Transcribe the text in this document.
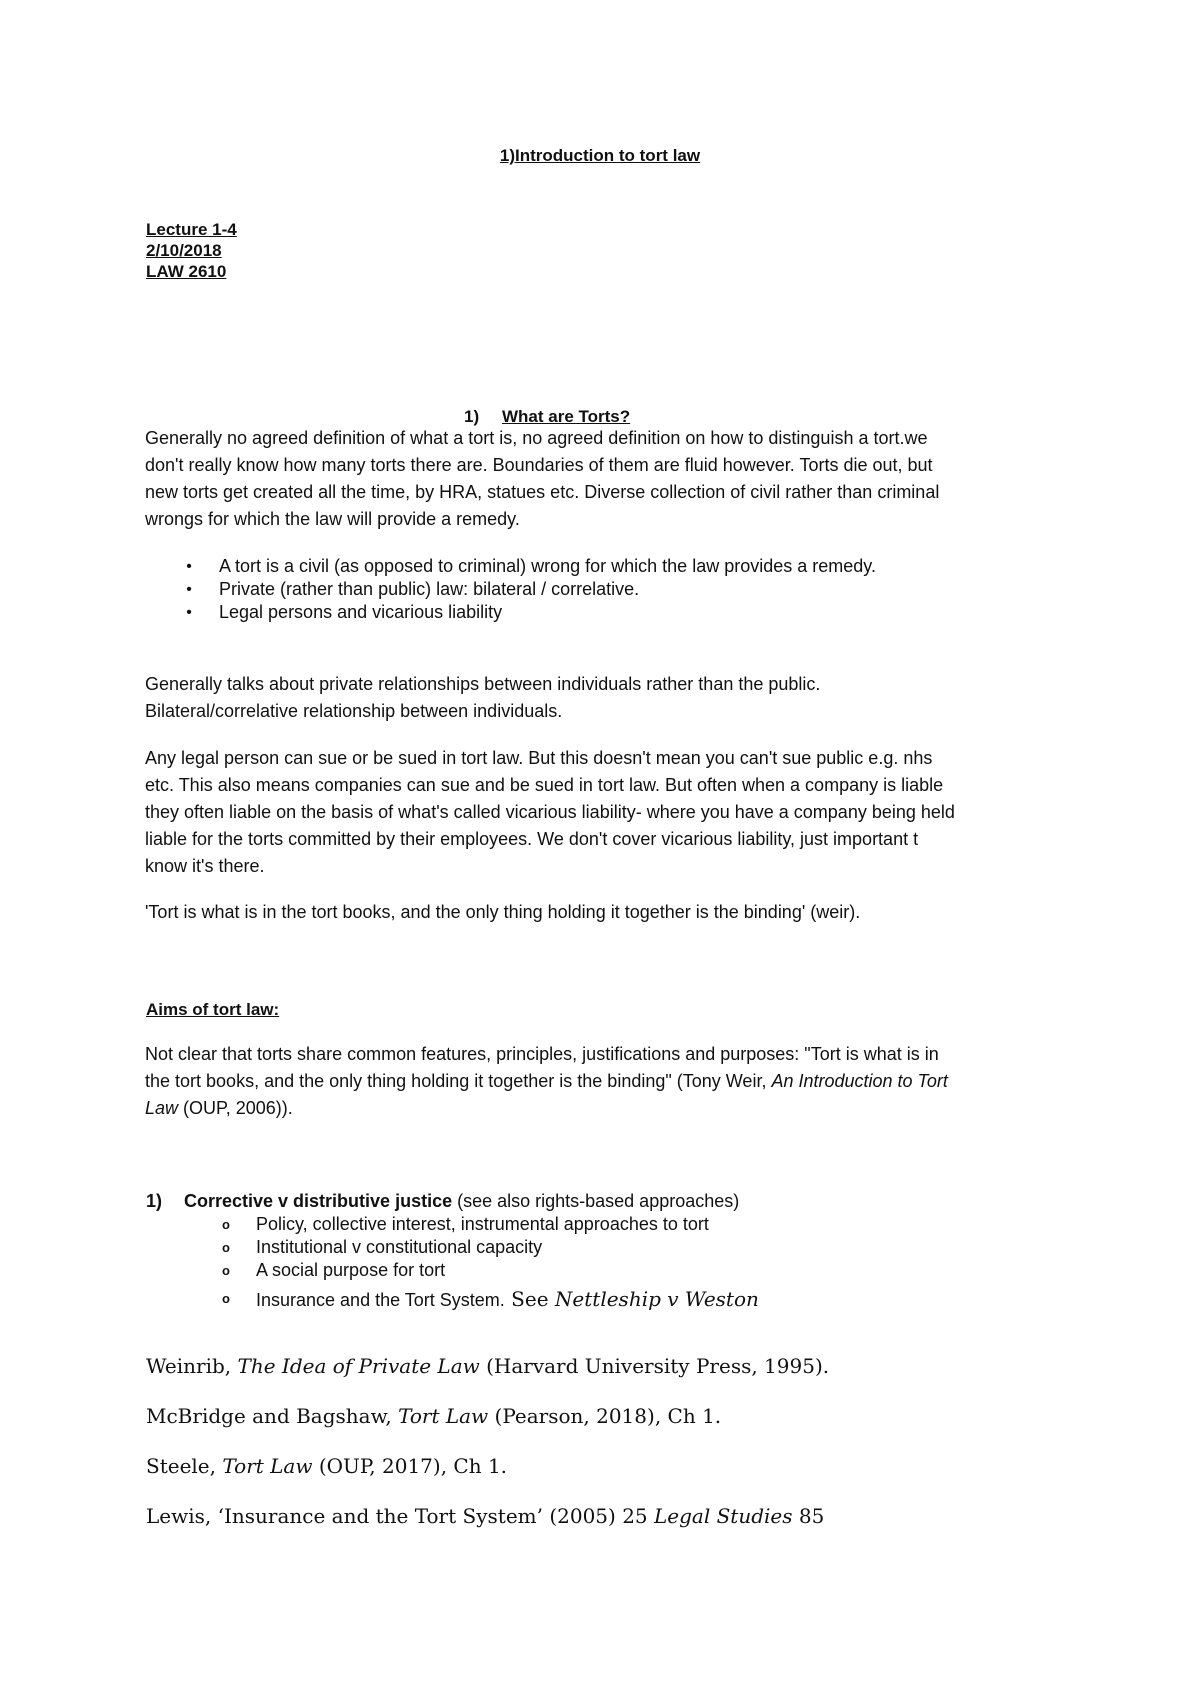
1)Introduction to tort law
Lecture 1-4
2/10/2018
LAW 2610
1) What are Torts?
Generally no agreed definition of what a tort is, no agreed definition on how to distinguish a tort.we
don't really know how many torts there are. Boundaries of them are fluid however. Torts die out, but
new torts get created all the time, by HRA, statues etc. Diverse collection of civil rather than criminal
wrongs for which the law will provide a remedy.
• A tort is a civil (as opposed to criminal) wrong for which the law provides a remedy.
• Private (rather than public) law: bilateral / correlative.
• Legal persons and vicarious liability
Generally talks about private relationships between individuals rather than the public.
Bilateral/correlative relationship between individuals.
Any legal person can sue or be sued in tort law. But this doesn't mean you can't sue public e.g. nhs
etc. This also means companies can sue and be sued in tort law. But often when a company is liable
they often liable on the basis of what's called vicarious liability- where you have a company being held
liable for the torts committed by their employees. We don't cover vicarious liability, just important t
know it's there.
'Tort is what is in the tort books, and the only thing holding it together is the binding' (weir).
Aims of tort law:
Not clear that torts share common features, principles, justifications and purposes: "Tort is what is in
the tort books, and the only thing holding it together is the binding" (Tony Weir, An Introduction to Tort
Law (OUP, 2006)).
1) Corrective v distributive justice (see also rights-based approaches)
o Policy, collective interest, instrumental approaches to tort
o Institutional v constitutional capacity
o A social purpose for tort
o Insurance and the Tort System. See Nettleship v Weston
Weinrib, The Idea of Private Law (Harvard University Press, 1995).
McBridge and Bagshaw, Tort Law (Pearson, 2018), Ch 1.
Steele, Tort Law (OUP, 2017), Ch 1.
Lewis, ‘Insurance and the Tort System’ (2005) 25 Legal Studies 85
